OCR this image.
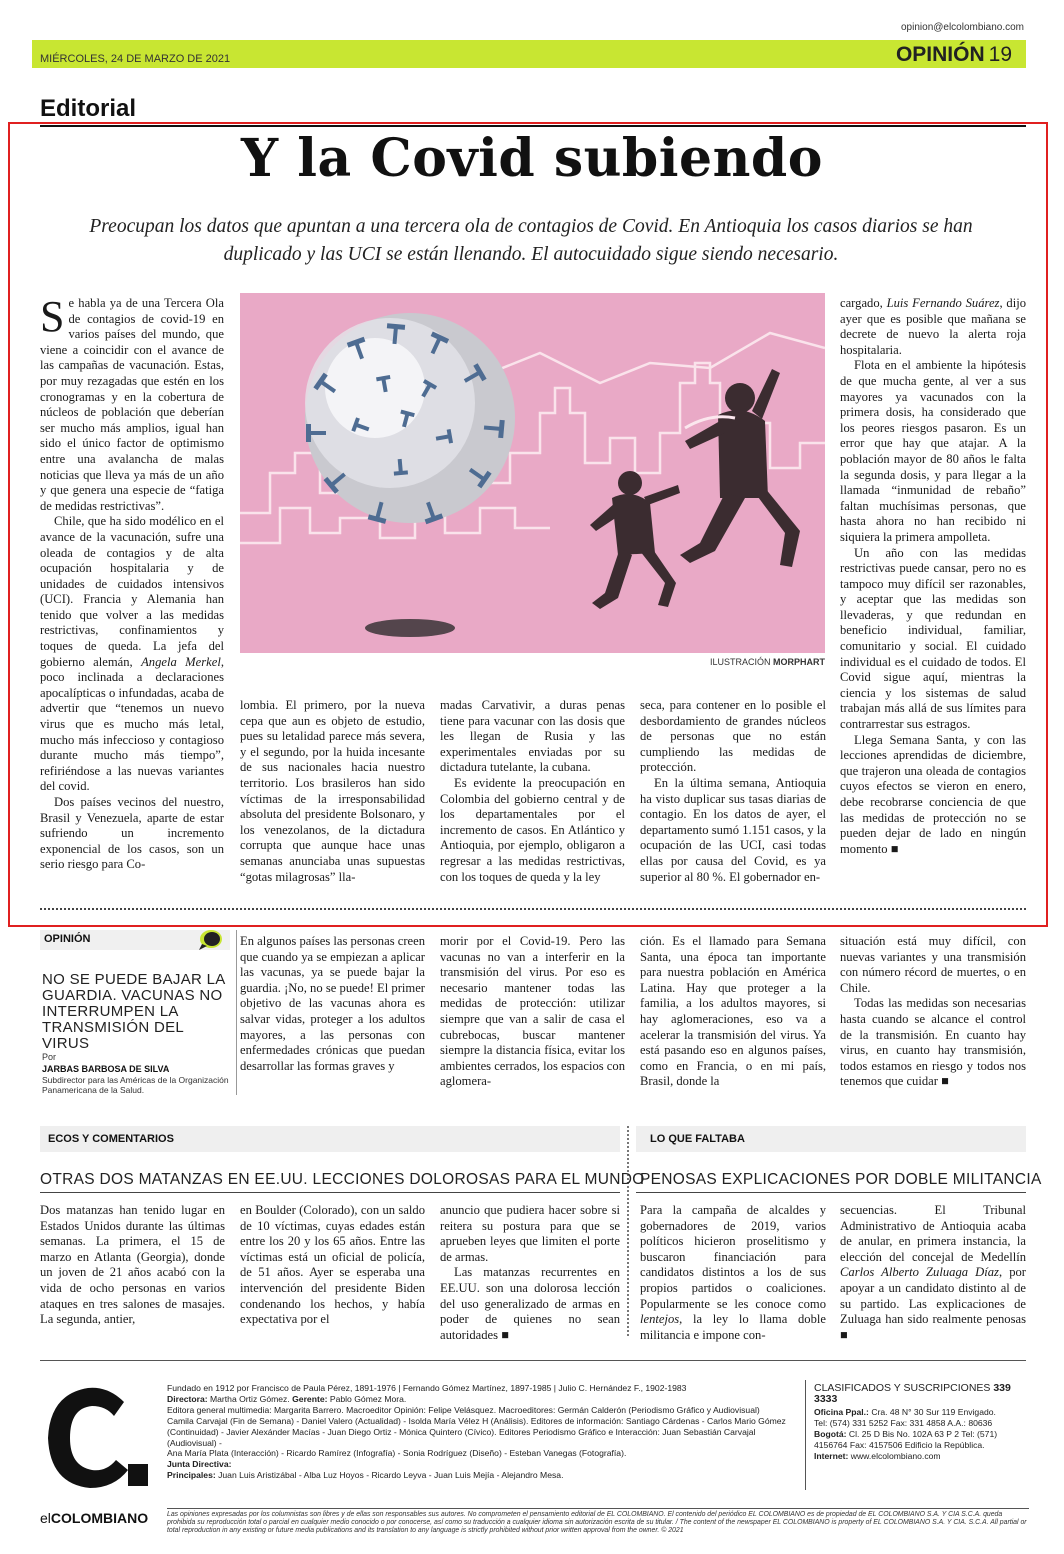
opinion@elcolombiano.com
MIÉRCOLES, 24 DE MARZO DE 2021	OPINIÓN 19
Editorial
Y la Covid subiendo
Preocupan los datos que apuntan a una tercera ola de contagios de Covid. En Antioquia los casos diarios se han duplicado y las UCI se están llenando. El autocuidado sigue siendo necesario.

Se habla ya de una Tercera Ola de contagios de covid-19 en varios países del mundo, que viene a coincidir con el avance de las campañas de vacunación. Estas, por muy rezagadas que estén en los cronogramas y en la cobertura de núcleos de población que deberían ser mucho más amplios, igual han sido el único factor de optimismo entre una avalancha de malas noticias que lleva ya más de un año y que genera una especie de “fatiga de medidas restrictivas”.

Chile, que ha sido modélico en el avance de la vacunación, sufre una oleada de contagios y de alta ocupación hospitalaria y de unidades de cuidados intensivos (UCI). Francia y Alemania han tenido que volver a las medidas restrictivas, confinamientos y toques de queda. La jefa del gobierno alemán, Angela Merkel, poco inclinada a declaraciones apocalípticas o infundadas, acaba de advertir que “tenemos un nuevo virus que es mucho más letal, mucho más infeccioso y contagioso durante mucho más tiempo”, refiriéndose a las nuevas variantes del covid.

Dos países vecinos del nuestro, Brasil y Venezuela, aparte de estar sufriendo un incremento exponencial de los casos, son un serio riesgo para Co-

ILUSTRACIÓN MORPHART

lombia. El primero, por la nueva cepa que aun es objeto de estudio, pues su letalidad parece más severa, y el segundo, por la huida incesante de sus nacionales hacia nuestro territorio. Los brasileros han sido víctimas de la irresponsabilidad absoluta del presidente Bolsonaro, y los venezolanos, de la dictadura corrupta que aunque hace unas semanas anunciaba unas supuestas “gotas milagrosas” lla-

madas Carvativir, a duras penas tiene para vacunar con las dosis que les llegan de Rusia y las experimentales enviadas por su dictadura tutelante, la cubana.

Es evidente la preocupación en Colombia del gobierno central y de los departamentales por el incremento de casos. En Atlántico y Antioquia, por ejemplo, obligaron a regresar a las medidas restrictivas, con los toques de queda y la ley

seca, para contener en lo posible el desbordamiento de grandes núcleos de personas que no están cumpliendo las medidas de protección.

En la última semana, Antioquia ha visto duplicar sus tasas diarias de contagio. En los datos de ayer, el departamento sumó 1.151 casos, y la ocupación de las UCI, casi todas ellas por causa del Covid, es ya superior al 80 %. El gobernador en-

cargado, Luis Fernando Suárez, dijo ayer que es posible que mañana se decrete de nuevo la alerta roja hospitalaria.

Flota en el ambiente la hipótesis de que mucha gente, al ver a sus mayores ya vacunados con la primera dosis, ha considerado que los peores riesgos pasaron. Es un error que hay que atajar. A la población mayor de 80 años le falta la segunda dosis, y para llegar a la llamada “inmunidad de rebaño” faltan muchísimas personas, que hasta ahora no han recibido ni siquiera la primera ampolleta.

Un año con las medidas restrictivas puede cansar, pero no es tampoco muy difícil ser razonables, y aceptar que las medidas son llevaderas, y que redundan en beneficio individual, familiar, comunitario y social. El cuidado individual es el cuidado de todos. El Covid sigue aquí, mientras la ciencia y los sistemas de salud trabajan más allá de sus límites para contrarrestar sus estragos.

Llega Semana Santa, y con las lecciones aprendidas de diciembre, que trajeron una oleada de contagios cuyos efectos se vieron en enero, debe recobrarse conciencia de que las medidas de protección no se pueden dejar de lado en ningún momento ■

OPINIÓN
NO SE PUEDE BAJAR LA GUARDIA. VACUNAS NO INTERRUMPEN LA TRANSMISIÓN DEL VIRUS
Por
JARBAS BARBOSA DE SILVA
Subdirector para las Américas de la Organización Panamericana de la Salud.

En algunos países las personas creen que cuando ya se empiezan a aplicar las vacunas, ya se puede bajar la guardia. ¡No, no se puede! El primer objetivo de las vacunas ahora es salvar vidas, proteger a los adultos mayores, a las personas con enfermedades crónicas que puedan desarrollar las formas graves y

morir por el Covid-19. Pero las vacunas no van a interferir en la transmisión del virus. Por eso es necesario mantener todas las medidas de protección: utilizar siempre que van a salir de casa el cubrebocas, buscar mantener siempre la distancia física, evitar los ambientes cerrados, los espacios con aglomera-

ción. Es el llamado para Semana Santa, una época tan importante para nuestra población en América Latina. Hay que proteger a la familia, a los adultos mayores, si hay aglomeraciones, eso va a acelerar la transmisión del virus. Ya está pasando eso en algunos países, como en Francia, o en mi país, Brasil, donde la

situación está muy difícil, con nuevas variantes y una transmisión con número récord de muertes, o en Chile.

Todas las medidas son necesarias hasta cuando se alcance el control de la transmisión. En cuanto hay virus, en cuanto hay transmisión, todos estamos en riesgo y todos nos tenemos que cuidar ■

ECOS Y COMENTARIOS	LO QUE FALTABA
OTRAS DOS MATANZAS EN EE.UU. LECCIONES DOLOROSAS PARA EL MUNDO
PENOSAS EXPLICACIONES POR DOBLE MILITANCIA

Dos matanzas han tenido lugar en Estados Unidos durante las últimas semanas. La primera, el 15 de marzo en Atlanta (Georgia), donde un joven de 21 años acabó con la vida de ocho personas en varios ataques en tres salones de masajes. La segunda, antier,

en Boulder (Colorado), con un saldo de 10 víctimas, cuyas edades están entre los 20 y los 65 años. Entre las víctimas está un oficial de policía, de 51 años. Ayer se esperaba una intervención del presidente Biden condenando los hechos, y había expectativa por el

anuncio que pudiera hacer sobre si reitera su postura para que se aprueben leyes que limiten el porte de armas.

Las matanzas recurrentes en EE.UU. son una dolorosa lección del uso generalizado de armas en poder de quienes no sean autoridades ■

Para la campaña de alcaldes y gobernadores de 2019, varios políticos hicieron proselitismo y buscaron financiación para candidatos distintos a los de sus propios partidos o coaliciones. Popularmente se les conoce como lentejos, la ley lo llama doble militancia e impone con-

secuencias. El Tribunal Administrativo de Antioquia acaba de anular, en primera instancia, la elección del concejal de Medellín Carlos Alberto Zuluaga Díaz, por apoyar a un candidato distinto al de su partido. Las explicaciones de Zuluaga han sido realmente penosas ■

elCOLOMBIANO
Fundado en 1912 por Francisco de Paula Pérez, 1891-1976 | Fernando Gómez Martínez, 1897-1985 | Julio C. Hernández F., 1902-1983
Directora: Martha Ortiz Gómez. Gerente: Pablo Gómez Mora.
Editora general multimedia: Margarita Barrero. Macroeditor Opinión: Felipe Velásquez. Macroeditores: Germán Calderón (Periodismo Gráfico y Audiovisual)
Camila Carvajal (Fin de Semana) - Daniel Valero (Actualidad) - Isolda María Vélez H (Análisis). Editores de información: Santiago Cárdenas - Carlos Mario Gómez
(Continuidad) - Javier Alexánder Macías - Juan Diego Ortiz - Mónica Quintero (Cívico). Editores Periodismo Gráfico e Interacción: Juan Sebastián Carvajal (Audiovisual) -
Ana María Plata (Interacción) - Ricardo Ramírez (Infografía) - Sonia Rodríguez (Diseño) - Esteban Vanegas (Fotografía).
Junta Directiva:
Principales: Juan Luis Aristizábal - Alba Luz Hoyos - Ricardo Leyva - Juan Luis Mejía - Alejandro Mesa.
CLASIFICADOS Y SUSCRIPCIONES 339 3333
Oficina Ppal.: Cra. 48 N° 30 Sur 119 Envigado.
Tel: (574) 331 5252 Fax: 331 4858 A.A.: 80636
Bogotá: Cl. 25 D Bis No. 102A 63 P 2 Tel: (571)
4156764 Fax: 4157506 Edificio la República.
Internet: www.elcolombiano.com
Las opiniones expresadas por los columnistas son libres y de ellas son responsables sus autores. No comprometen el pensamiento editorial de EL COLOMBIANO. El contenido del periódico EL COLOMBIANO es de propiedad de EL COLOMBIANO S.A. Y CIA S.C.A. queda prohibida su reproducción total o parcial en cualquier medio conocido o por conocerse, así como su traducción a cualquier idioma sin autorización escrita de su titular. / The content of the newspaper EL COLOMBIANO is property of EL COLOMBIANO S.A. Y CIA. S.C.A. All partial or total reproduction in any existing or future media publications and its translation to any language is strictly prohibited without prior written approval from the owner. © 2021
